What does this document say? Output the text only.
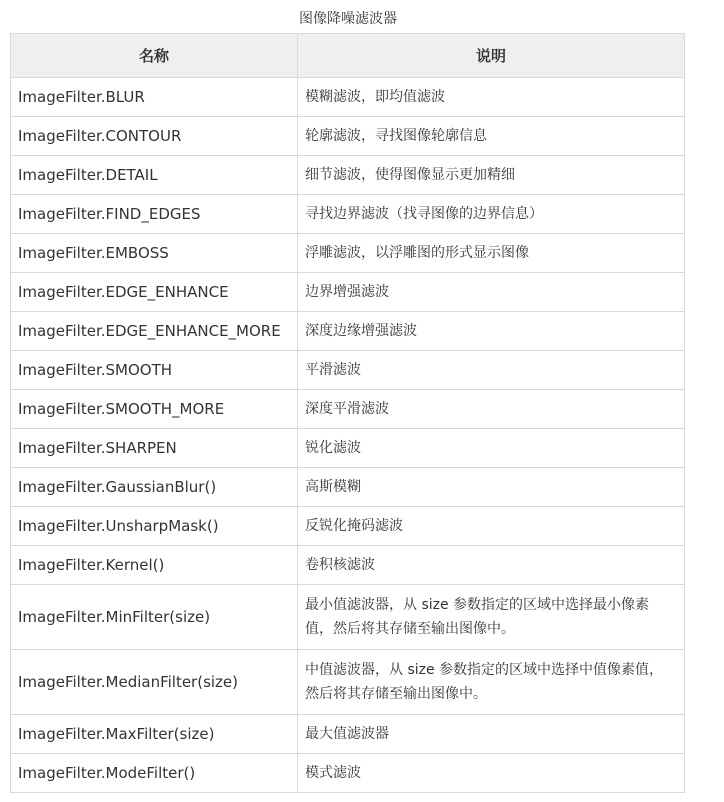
图像降噪滤波器
名称	说明
ImageFilter.BLUR	模糊滤波，即均值滤波
ImageFilter.CONTOUR	轮廓滤波，寻找图像轮廓信息
ImageFilter.DETAIL	细节滤波，使得图像显示更加精细
ImageFilter.FIND_EDGES	寻找边界滤波（找寻图像的边界信息）
ImageFilter.EMBOSS	浮雕滤波，以浮雕图的形式显示图像
ImageFilter.EDGE_ENHANCE	边界增强滤波
ImageFilter.EDGE_ENHANCE_MORE	深度边缘增强滤波
ImageFilter.SMOOTH	平滑滤波
ImageFilter.SMOOTH_MORE	深度平滑滤波
ImageFilter.SHARPEN	锐化滤波
ImageFilter.GaussianBlur()	高斯模糊
ImageFilter.UnsharpMask()	反锐化掩码滤波
ImageFilter.Kernel()	卷积核滤波
ImageFilter.MinFilter(size)	最小值滤波器，从 size 参数指定的区域中选择最小像素值，然后将其存储至输出图像中。
ImageFilter.MedianFilter(size)	中值滤波器，从 size 参数指定的区域中选择中值像素值，然后将其存储至输出图像中。
ImageFilter.MaxFilter(size)	最大值滤波器
ImageFilter.ModeFilter()	模式滤波
